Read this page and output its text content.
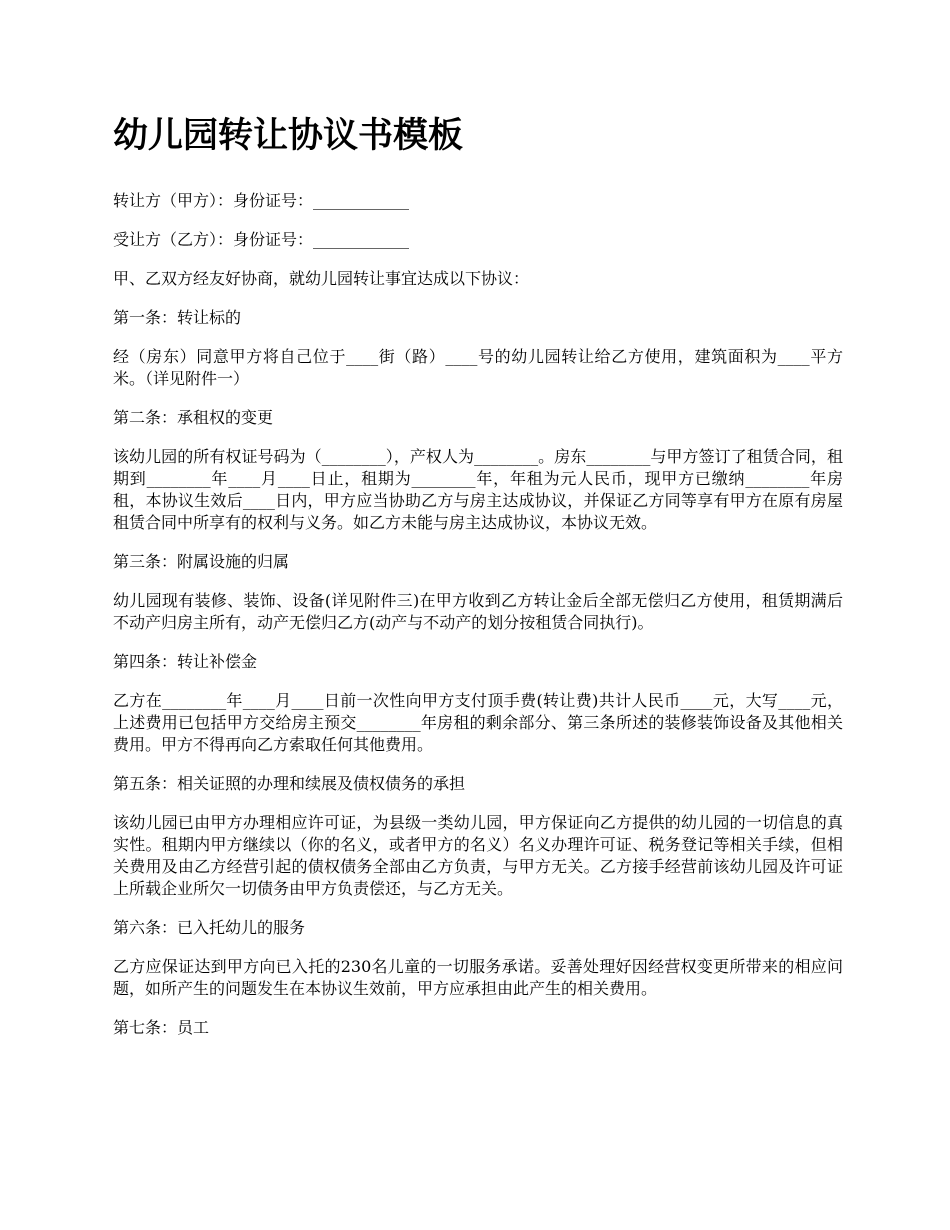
幼儿园转让协议书模板

转让方（甲方）：身份证号：____________

受让方（乙方）：身份证号：____________

甲、乙双方经友好协商，就幼儿园转让事宜达成以下协议：

第一条：转让标的

经（房东）同意甲方将自己位于____街（路）____号的幼儿园转让给乙方使用，建筑面积为____平方米。（详见附件一）

第二条：承租权的变更

该幼儿园的所有权证号码为（________），产权人为________。房东________与甲方签订了租赁合同，租期到________年____月____日止，租期为________年，年租为元人民币，现甲方已缴纳________年房租，本协议生效后____日内，甲方应当协助乙方与房主达成协议，并保证乙方同等享有甲方在原有房屋租赁合同中所享有的权利与义务。如乙方未能与房主达成协议，本协议无效。

第三条：附属设施的归属

幼儿园现有装修、装饰、设备(详见附件三)在甲方收到乙方转让金后全部无偿归乙方使用，租赁期满后不动产归房主所有，动产无偿归乙方(动产与不动产的划分按租赁合同执行)。

第四条：转让补偿金

乙方在________年____月____日前一次性向甲方支付顶手费(转让费)共计人民币____元，大写____元，上述费用已包括甲方交给房主预交________年房租的剩余部分、第三条所述的装修装饰设备及其他相关费用。甲方不得再向乙方索取任何其他费用。

第五条：相关证照的办理和续展及债权债务的承担

该幼儿园已由甲方办理相应许可证，为县级一类幼儿园，甲方保证向乙方提供的幼儿园的一切信息的真实性。租期内甲方继续以（你的名义，或者甲方的名义）名义办理许可证、税务登记等相关手续，但相关费用及由乙方经营引起的债权债务全部由乙方负责，与甲方无关。乙方接手经营前该幼儿园及许可证上所载企业所欠一切债务由甲方负责偿还，与乙方无关。

第六条：已入托幼儿的服务

乙方应保证达到甲方向已入托的230名儿童的一切服务承诺。妥善处理好因经营权变更所带来的相应问题，如所产生的问题发生在本协议生效前，甲方应承担由此产生的相关费用。

第七条：员工
